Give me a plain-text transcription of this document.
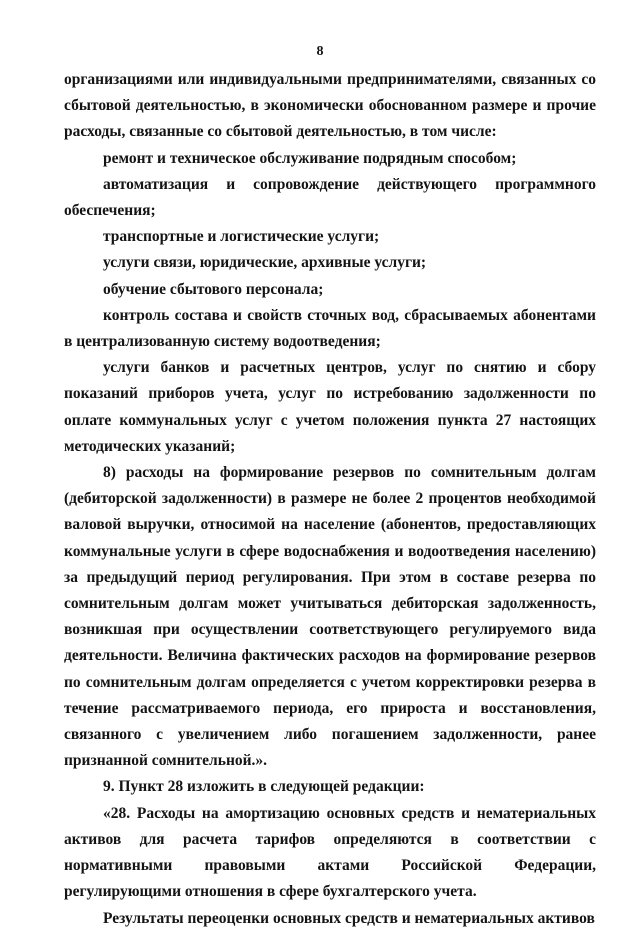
8

организациями или индивидуальными предпринимателями, связанных со сбытовой деятельностью, в экономически обоснованном размере и прочие расходы, связанные со сбытовой деятельностью, в том числе:

ремонт и техническое обслуживание подрядным способом;

автоматизация и сопровождение действующего программного обеспечения;

транспортные и логистические услуги;

услуги связи, юридические, архивные услуги;

обучение сбытового персонала;

контроль состава и свойств сточных вод, сбрасываемых абонентами в централизованную систему водоотведения;

услуги банков и расчетных центров, услуг по снятию и сбору показаний приборов учета, услуг по истребованию задолженности по оплате коммунальных услуг с учетом положения пункта 27 настоящих методических указаний;

8) расходы на формирование резервов по сомнительным долгам (дебиторской задолженности) в размере не более 2 процентов необходимой валовой выручки, относимой на население (абонентов, предоставляющих коммунальные услуги в сфере водоснабжения и водоотведения населению) за предыдущий период регулирования. При этом в составе резерва по сомнительным долгам может учитываться дебиторская задолженность, возникшая при осуществлении соответствующего регулируемого вида деятельности. Величина фактических расходов на формирование резервов по сомнительным долгам определяется с учетом корректировки резерва в течение рассматриваемого периода, его прироста и восстановления, связанного с увеличением либо погашением задолженности, ранее признанной сомнительной.».

9. Пункт 28 изложить в следующей редакции:

«28. Расходы на амортизацию основных средств и нематериальных активов для расчета тарифов определяются в соответствии с нормативными правовыми актами Российской Федерации, регулирующими отношения в сфере бухгалтерского учета.

Результаты переоценки основных средств и нематериальных активов
